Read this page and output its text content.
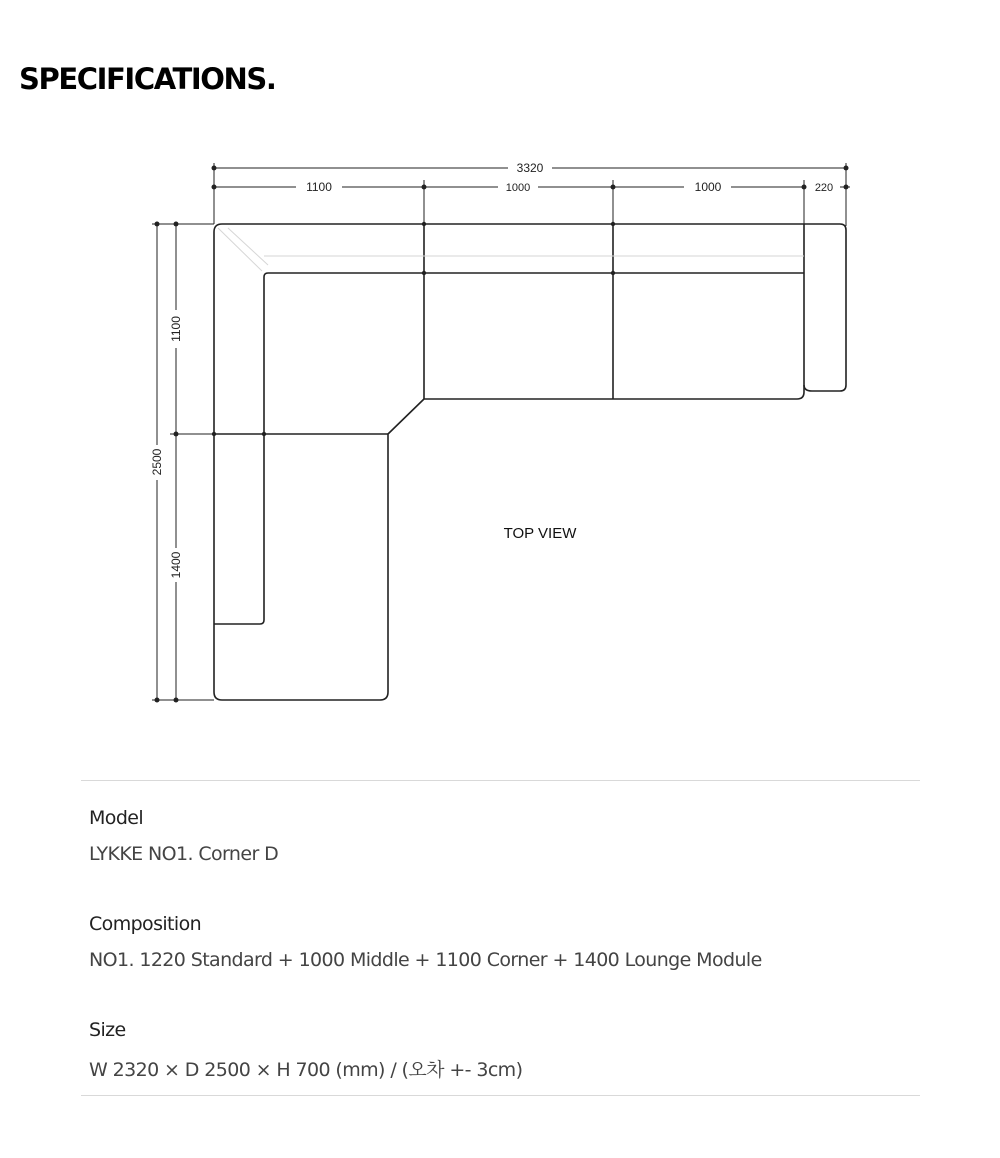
SPECIFICATIONS.
3320
1100	1000	1000	220
2500
1100
1400
TOP VIEW

Model

LYKKE NO1. Corner D

Composition

NO1. 1220 Standard + 1000 Middle + 1100 Corner + 1400 Lounge Module

Size

W 2320 × D 2500 × H 700 (mm) / (오차 +- 3cm)
